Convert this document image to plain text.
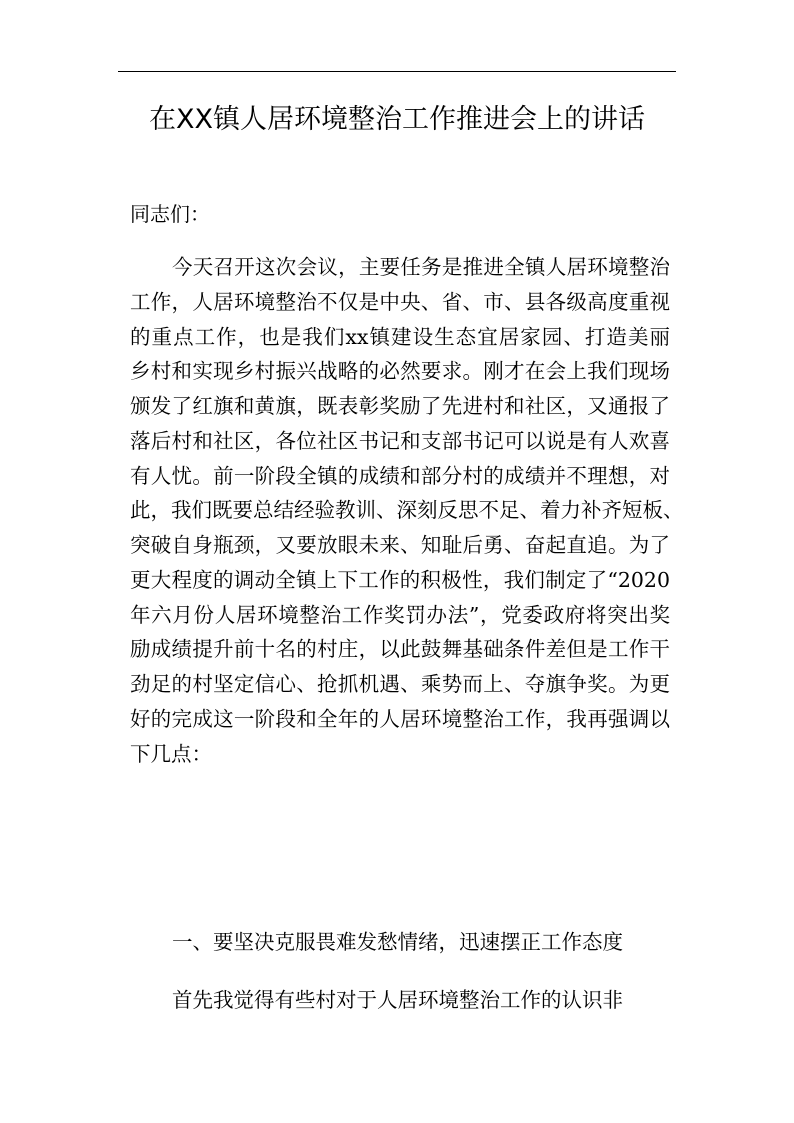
在XX镇人居环境整治工作推进会上的讲话
同志们：
今天召开这次会议，主要任务是推进全镇人居环境整治
工作，人居环境整治不仅是中央、省、市、县各级高度重视
的重点工作，也是我们xx镇建设生态宜居家园、打造美丽
乡村和实现乡村振兴战略的必然要求。刚才在会上我们现场
颁发了红旗和黄旗，既表彰奖励了先进村和社区，又通报了
落后村和社区，各位社区书记和支部书记可以说是有人欢喜
有人忧。前一阶段全镇的成绩和部分村的成绩并不理想，对
此，我们既要总结经验教训、深刻反思不足、着力补齐短板、
突破自身瓶颈，又要放眼未来、知耻后勇、奋起直追。为了
更大程度的调动全镇上下工作的积极性，我们制定了“2020
年六月份人居环境整治工作奖罚办法”，党委政府将突出奖
励成绩提升前十名的村庄，以此鼓舞基础条件差但是工作干
劲足的村坚定信心、抢抓机遇、乘势而上、夺旗争奖。为更
好的完成这一阶段和全年的人居环境整治工作，我再强调以
下几点：
一、要坚决克服畏难发愁情绪，迅速摆正工作态度
首先我觉得有些村对于人居环境整治工作的认识非
